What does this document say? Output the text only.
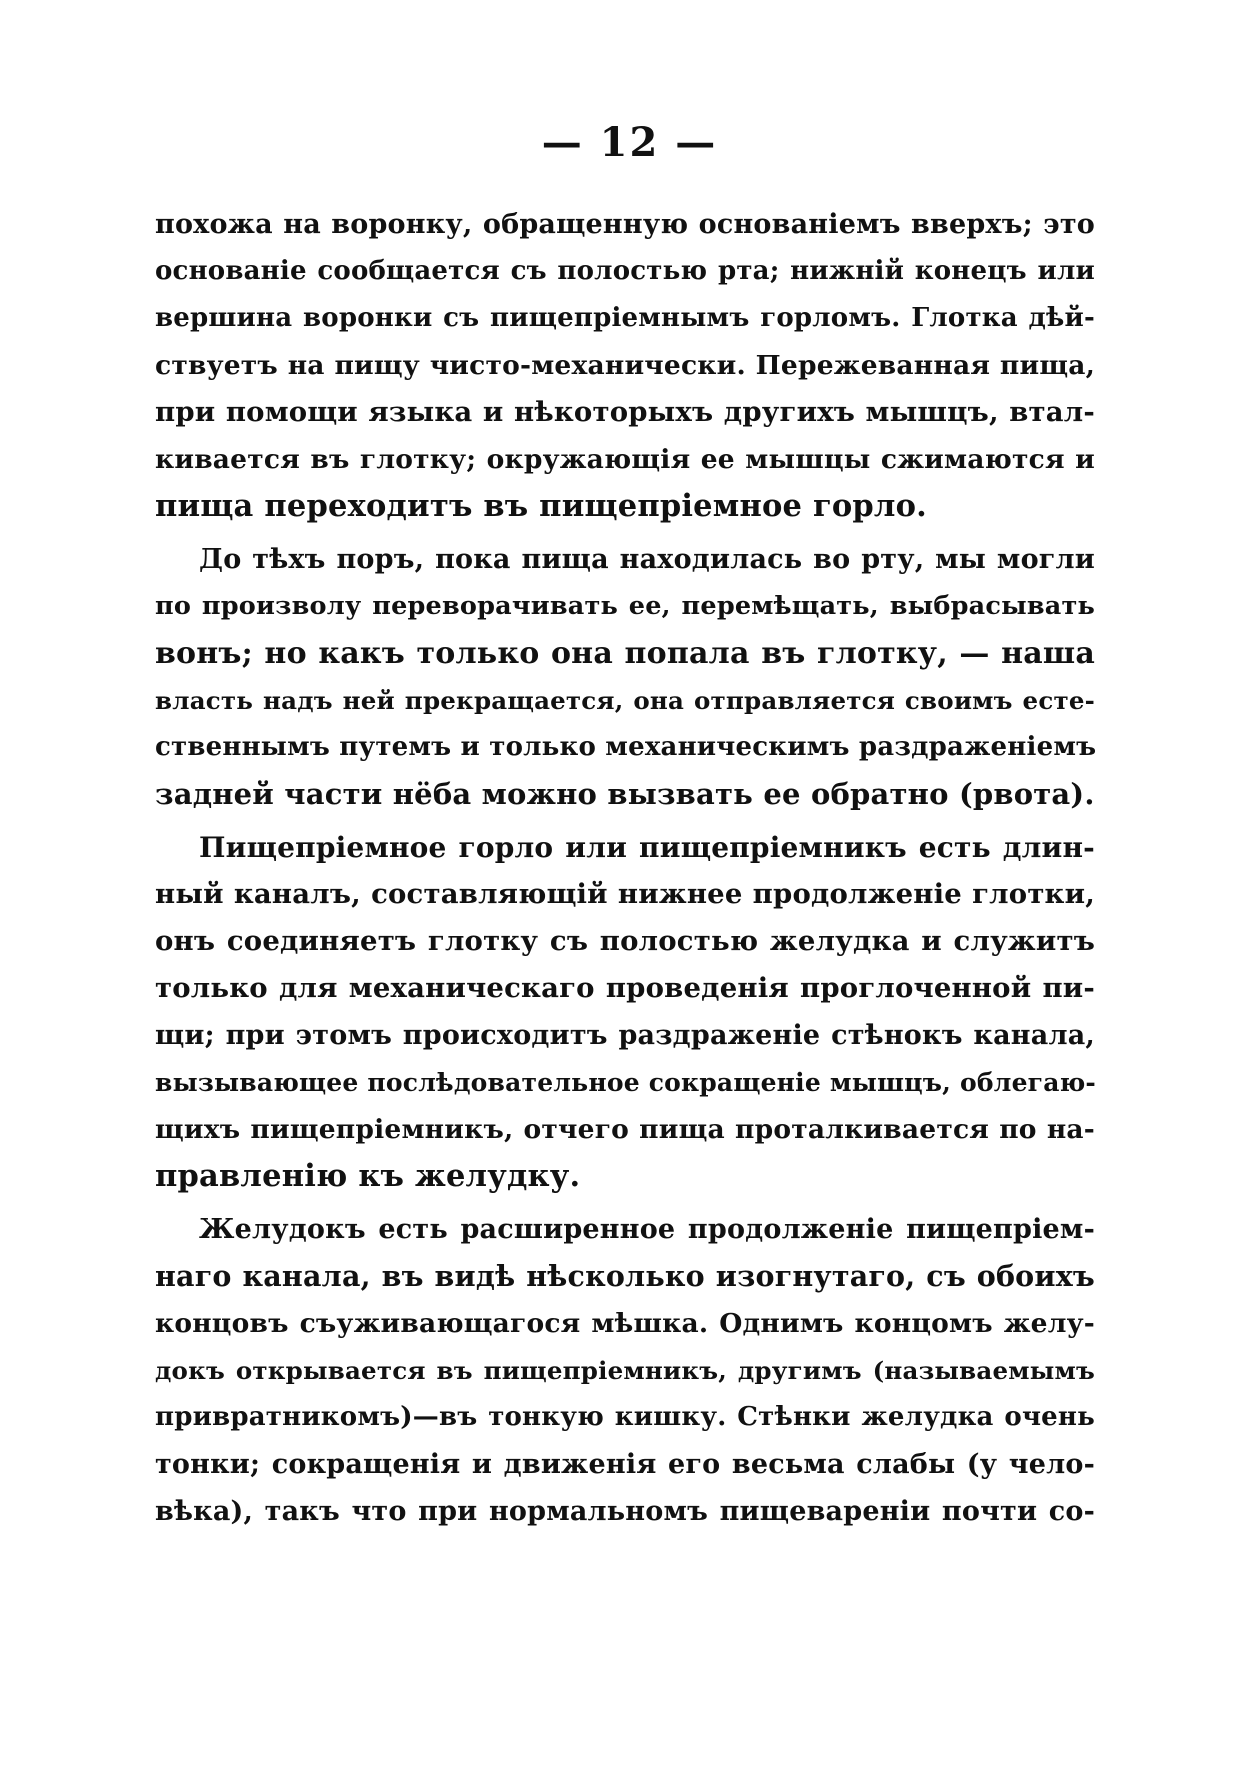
— 12 —
похожа на воронку, обращенную основаніемъ вверхъ; это
основаніе сообщается съ полостью рта; нижній конецъ или
вершина воронки съ пищепріемнымъ горломъ. Глотка дѣй-
ствуетъ на пищу чисто-механически. Пережеванная пища,
при помощи языка и нѣкоторыхъ другихъ мышцъ, втал-
кивается въ глотку; окружающія ее мышцы сжимаются и
пища переходитъ въ пищепріемное горло.
До тѣхъ поръ, пока пища находилась во рту, мы могли
по произволу переворачивать ее, перемѣщать, выбрасывать
вонъ; но какъ только она попала въ глотку, — наша
власть надъ ней прекращается, она отправляется своимъ есте-
ственнымъ путемъ и только механическимъ раздраженіемъ
задней части нёба можно вызвать ее обратно (рвота).
Пищепріемное горло или пищепріемникъ есть длин-
ный каналъ, составляющій нижнее продолженіе глотки,
онъ соединяетъ глотку съ полостью желудка и служитъ
только для механическаго проведенія проглоченной пи-
щи; при этомъ происходитъ раздраженіе стѣнокъ канала,
вызывающее послѣдовательное сокращеніе мышцъ, облегаю-
щихъ пищепріемникъ, отчего пища проталкивается по на-
правленію къ желудку.
Желудокъ есть расширенное продолженіе пищепріем-
наго канала, въ видѣ нѣсколько изогнутаго, съ обоихъ
концовъ съуживающагося мѣшка. Однимъ концомъ желу-
докъ открывается въ пищепріемникъ, другимъ (называемымъ
привратникомъ)—въ тонкую кишку. Стѣнки желудка очень
тонки; сокращенія и движенія его весьма слабы (у чело-
вѣка), такъ что при нормальномъ пищевареніи почти со-
